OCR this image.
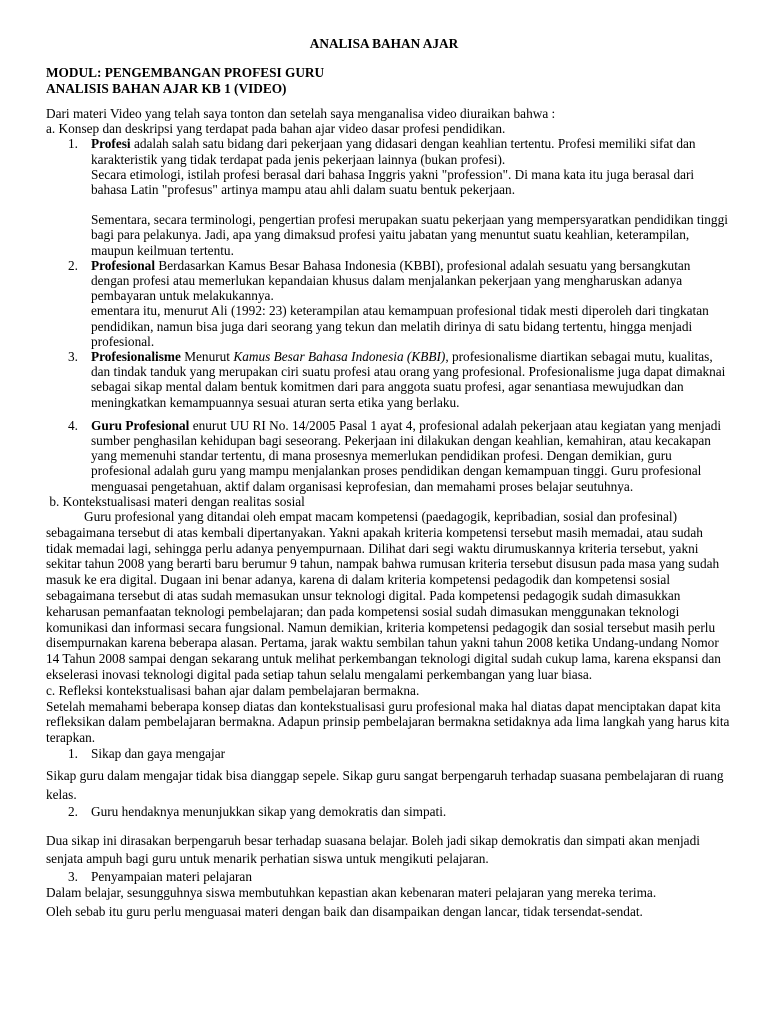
ANALISA BAHAN AJAR
MODUL: PENGEMBANGAN PROFESI GURU
ANALISIS BAHAN AJAR KB 1 (VIDEO)

Dari materi Video yang telah saya tonton dan setelah saya menganalisa video diuraikan bahwa :

a. Konsep dan deskripsi yang terdapat pada bahan ajar video dasar profesi pendidikan.

1. Profesi adalah salah satu bidang dari pekerjaan yang didasari dengan keahlian tertentu. Profesi memiliki sifat dan karakteristik yang tidak terdapat pada jenis pekerjaan lainnya (bukan profesi).

Secara etimologi, istilah profesi berasal dari bahasa Inggris yakni "profession". Di mana kata itu juga berasal dari bahasa Latin "profesus" artinya mampu atau ahli dalam suatu bentuk pekerjaan.

Sementara, secara terminologi, pengertian profesi merupakan suatu pekerjaan yang mempersyaratkan pendidikan tinggi bagi para pelakunya. Jadi, apa yang dimaksud profesi yaitu jabatan yang menuntut suatu keahlian, keterampilan, maupun keilmuan tertentu.

2. Profesional Berdasarkan Kamus Besar Bahasa Indonesia (KBBI), profesional adalah sesuatu yang bersangkutan dengan profesi atau memerlukan kepandaian khusus dalam menjalankan pekerjaan yang mengharuskan adanya pembayaran untuk melakukannya.

ementara itu, menurut Ali (1992: 23) keterampilan atau kemampuan profesional tidak mesti diperoleh dari tingkatan pendidikan, namun bisa juga dari seorang yang tekun dan melatih dirinya di satu bidang tertentu, hingga menjadi profesional.

3. Profesionalisme Menurut Kamus Besar Bahasa Indonesia (KBBI), profesionalisme diartikan sebagai mutu, kualitas, dan tindak tanduk yang merupakan ciri suatu profesi atau orang yang profesional. Profesionalisme juga dapat dimaknai sebagai sikap mental dalam bentuk komitmen dari para anggota suatu profesi, agar senantiasa mewujudkan dan meningkatkan kemampuannya sesuai aturan serta etika yang berlaku.

4. Guru Profesional enurut UU RI No. 14/2005 Pasal 1 ayat 4, profesional adalah pekerjaan atau kegiatan yang menjadi sumber penghasilan kehidupan bagi seseorang. Pekerjaan ini dilakukan dengan keahlian, kemahiran, atau kecakapan yang memenuhi standar tertentu, di mana prosesnya memerlukan pendidikan profesi. Dengan demikian, guru profesional adalah guru yang mampu menjalankan proses pendidikan dengan kemampuan tinggi. Guru profesional menguasai pengetahuan, aktif dalam organisasi keprofesian, dan memahami proses belajar seutuhnya.

b. Kontekstualisasi materi dengan realitas sosial

Guru profesional yang ditandai oleh empat macam kompetensi (paedagogik, kepribadian, sosial dan profesinal) sebagaimana tersebut di atas kembali dipertanyakan. Yakni apakah kriteria kompetensi tersebut masih memadai, atau sudah tidak memadai lagi, sehingga perlu adanya penyempurnaan. Dilihat dari segi waktu dirumuskannya kriteria tersebut, yakni sekitar tahun 2008 yang berarti baru berumur 9 tahun, nampak bahwa rumusan kriteria tersebut disusun pada masa yang sudah masuk ke era digital. Dugaan ini benar adanya, karena di dalam kriteria kompetensi pedagodik dan kompetensi sosial sebagaimana tersebut di atas sudah memasukan unsur teknologi digital. Pada kompetensi pedagogik sudah dimasukkan keharusan pemanfaatan teknologi pembelajaran; dan pada kompetensi sosial sudah dimasukan menggunakan teknologi komunikasi dan informasi secara fungsional. Namun demikian, kriteria kompetensi pedagogik dan sosial tersebut masih perlu disempurnakan karena beberapa alasan. Pertama, jarak waktu sembilan tahun yakni tahun 2008 ketika Undang-undang Nomor 14 Tahun 2008 sampai dengan sekarang untuk melihat perkembangan teknologi digital sudah cukup lama, karena ekspansi dan ekselerasi inovasi teknologi digital pada setiap tahun selalu mengalami perkembangan yang luar biasa.

c. Refleksi kontekstualisasi bahan ajar dalam pembelajaran bermakna.

Setelah memahami beberapa konsep diatas dan kontekstualisasi guru profesional maka hal diatas dapat menciptakan dapat kita refleksikan dalam pembelajaran bermakna. Adapun prinsip pembelajaran bermakna setidaknya ada lima langkah yang harus kita terapkan.

1. Sikap dan gaya mengajar

Sikap guru dalam mengajar tidak bisa dianggap sepele. Sikap guru sangat berpengaruh terhadap suasana pembelajaran di ruang kelas.

2. Guru hendaknya menunjukkan sikap yang demokratis dan simpati.

Dua sikap ini dirasakan berpengaruh besar terhadap suasana belajar. Boleh jadi sikap demokratis dan simpati akan menjadi senjata ampuh bagi guru untuk menarik perhatian siswa untuk mengikuti pelajaran.

3. Penyampaian materi pelajaran

Dalam belajar, sesungguhnya siswa membutuhkan kepastian akan kebenaran materi pelajaran yang mereka terima.

Oleh sebab itu guru perlu menguasai materi dengan baik dan disampaikan dengan lancar, tidak tersendat-sendat.
